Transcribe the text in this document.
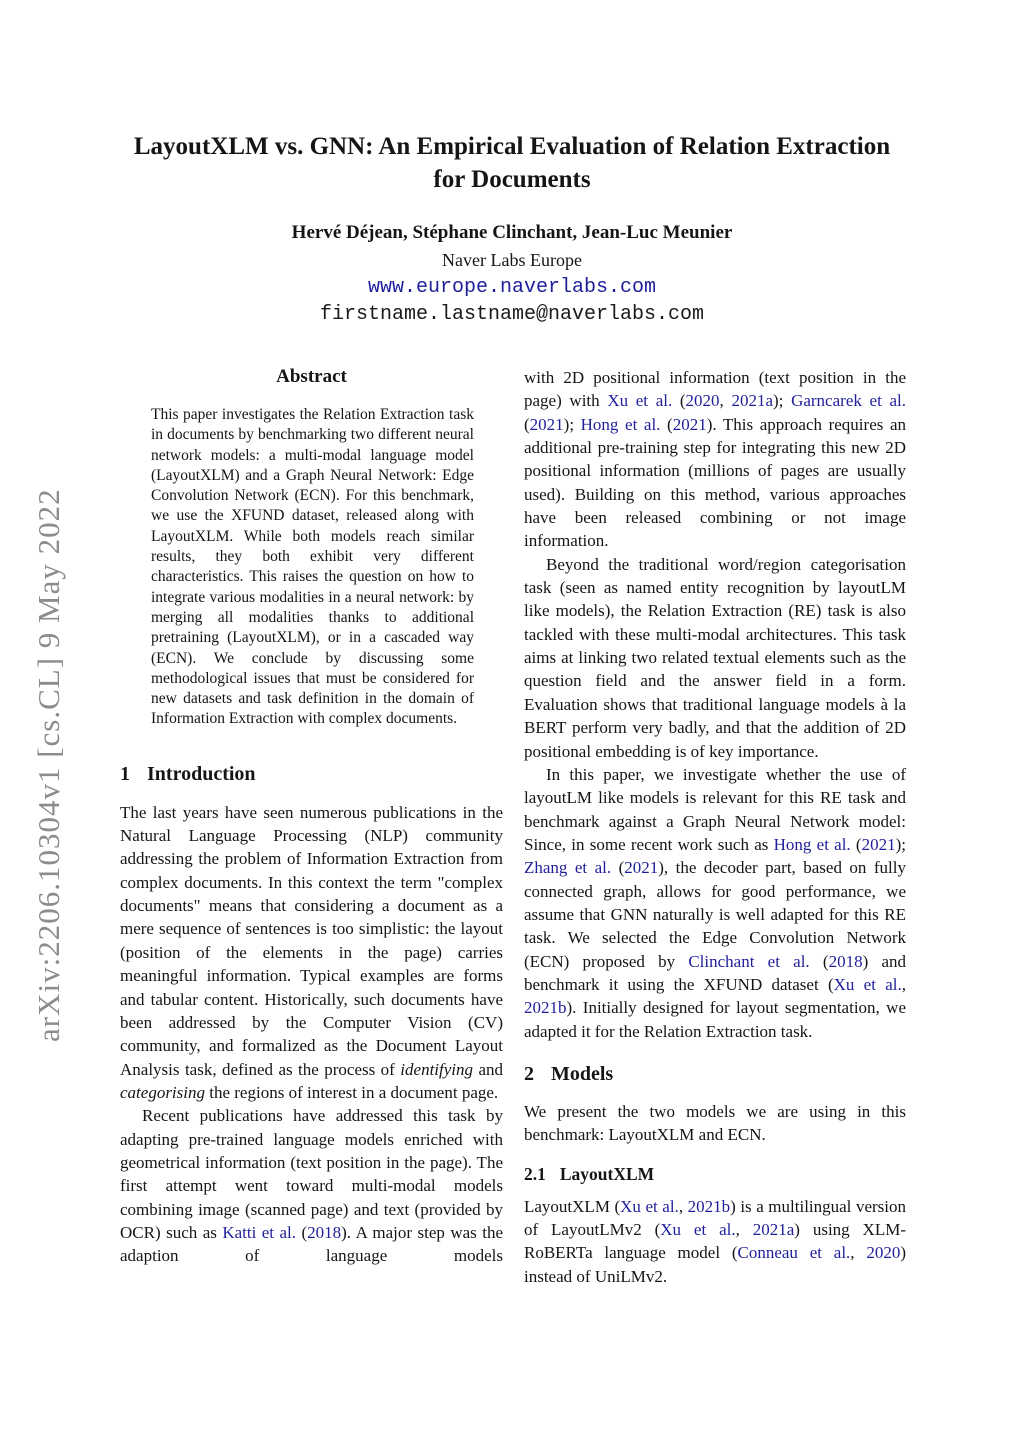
arXiv:2206.10304v1 [cs.CL] 9 May 2022
LayoutXLM vs. GNN: An Empirical Evaluation of Relation Extraction
for Documents
Hervé Déjean, Stéphane Clinchant, Jean-Luc Meunier
Naver Labs Europe
www.europe.naverlabs.com
firstname.lastname@naverlabs.com
Abstract

This paper investigates the Relation Extraction task in documents by benchmarking two different neural network models: a multi-modal language model (LayoutXLM) and a Graph Neural Network: Edge Convolution Network (ECN). For this benchmark, we use the XFUND dataset, released along with LayoutXLM. While both models reach similar results, they both exhibit very different characteristics. This raises the question on how to integrate various modalities in a neural network: by merging all modalities thanks to additional pretraining (LayoutXLM), or in a cascaded way (ECN). We conclude by discussing some methodological issues that must be considered for new datasets and task definition in the domain of Information Extraction with complex documents.

1 Introduction

The last years have seen numerous publications in the Natural Language Processing (NLP) community addressing the problem of Information Extraction from complex documents. In this context the term "complex documents" means that considering a document as a mere sequence of sentences is too simplistic: the layout (position of the elements in the page) carries meaningful information. Typical examples are forms and tabular content. Historically, such documents have been addressed by the Computer Vision (CV) community, and formalized as the Document Layout Analysis task, defined as the process of identifying and categorising the regions of interest in a document page.

Recent publications have addressed this task by adapting pre-trained language models enriched with geometrical information (text position in the page). The first attempt went toward multi-modal models combining image (scanned page) and text (provided by OCR) such as Katti et al. (2018). A major step was the adaption of language models

with 2D positional information (text position in the page) with Xu et al. (2020, 2021a); Garncarek et al. (2021); Hong et al. (2021). This approach requires an additional pre-training step for integrating this new 2D positional information (millions of pages are usually used). Building on this method, various approaches have been released combining or not image information.

Beyond the traditional word/region categorisation task (seen as named entity recognition by layoutLM like models), the Relation Extraction (RE) task is also tackled with these multi-modal architectures. This task aims at linking two related textual elements such as the question field and the answer field in a form. Evaluation shows that traditional language models à la BERT perform very badly, and that the addition of 2D positional embedding is of key importance.

In this paper, we investigate whether the use of layoutLM like models is relevant for this RE task and benchmark against a Graph Neural Network model: Since, in some recent work such as Hong et al. (2021); Zhang et al. (2021), the decoder part, based on fully connected graph, allows for good performance, we assume that GNN naturally is well adapted for this RE task. We selected the Edge Convolution Network (ECN) proposed by Clinchant et al. (2018) and benchmark it using the XFUND dataset (Xu et al., 2021b). Initially designed for layout segmentation, we adapted it for the Relation Extraction task.

2 Models

We present the two models we are using in this benchmark: LayoutXLM and ECN.

2.1 LayoutXLM

LayoutXLM (Xu et al., 2021b) is a multilingual version of LayoutLMv2 (Xu et al., 2021a) using XLM-RoBERTa language model (Conneau et al., 2020) instead of UniLMv2.
